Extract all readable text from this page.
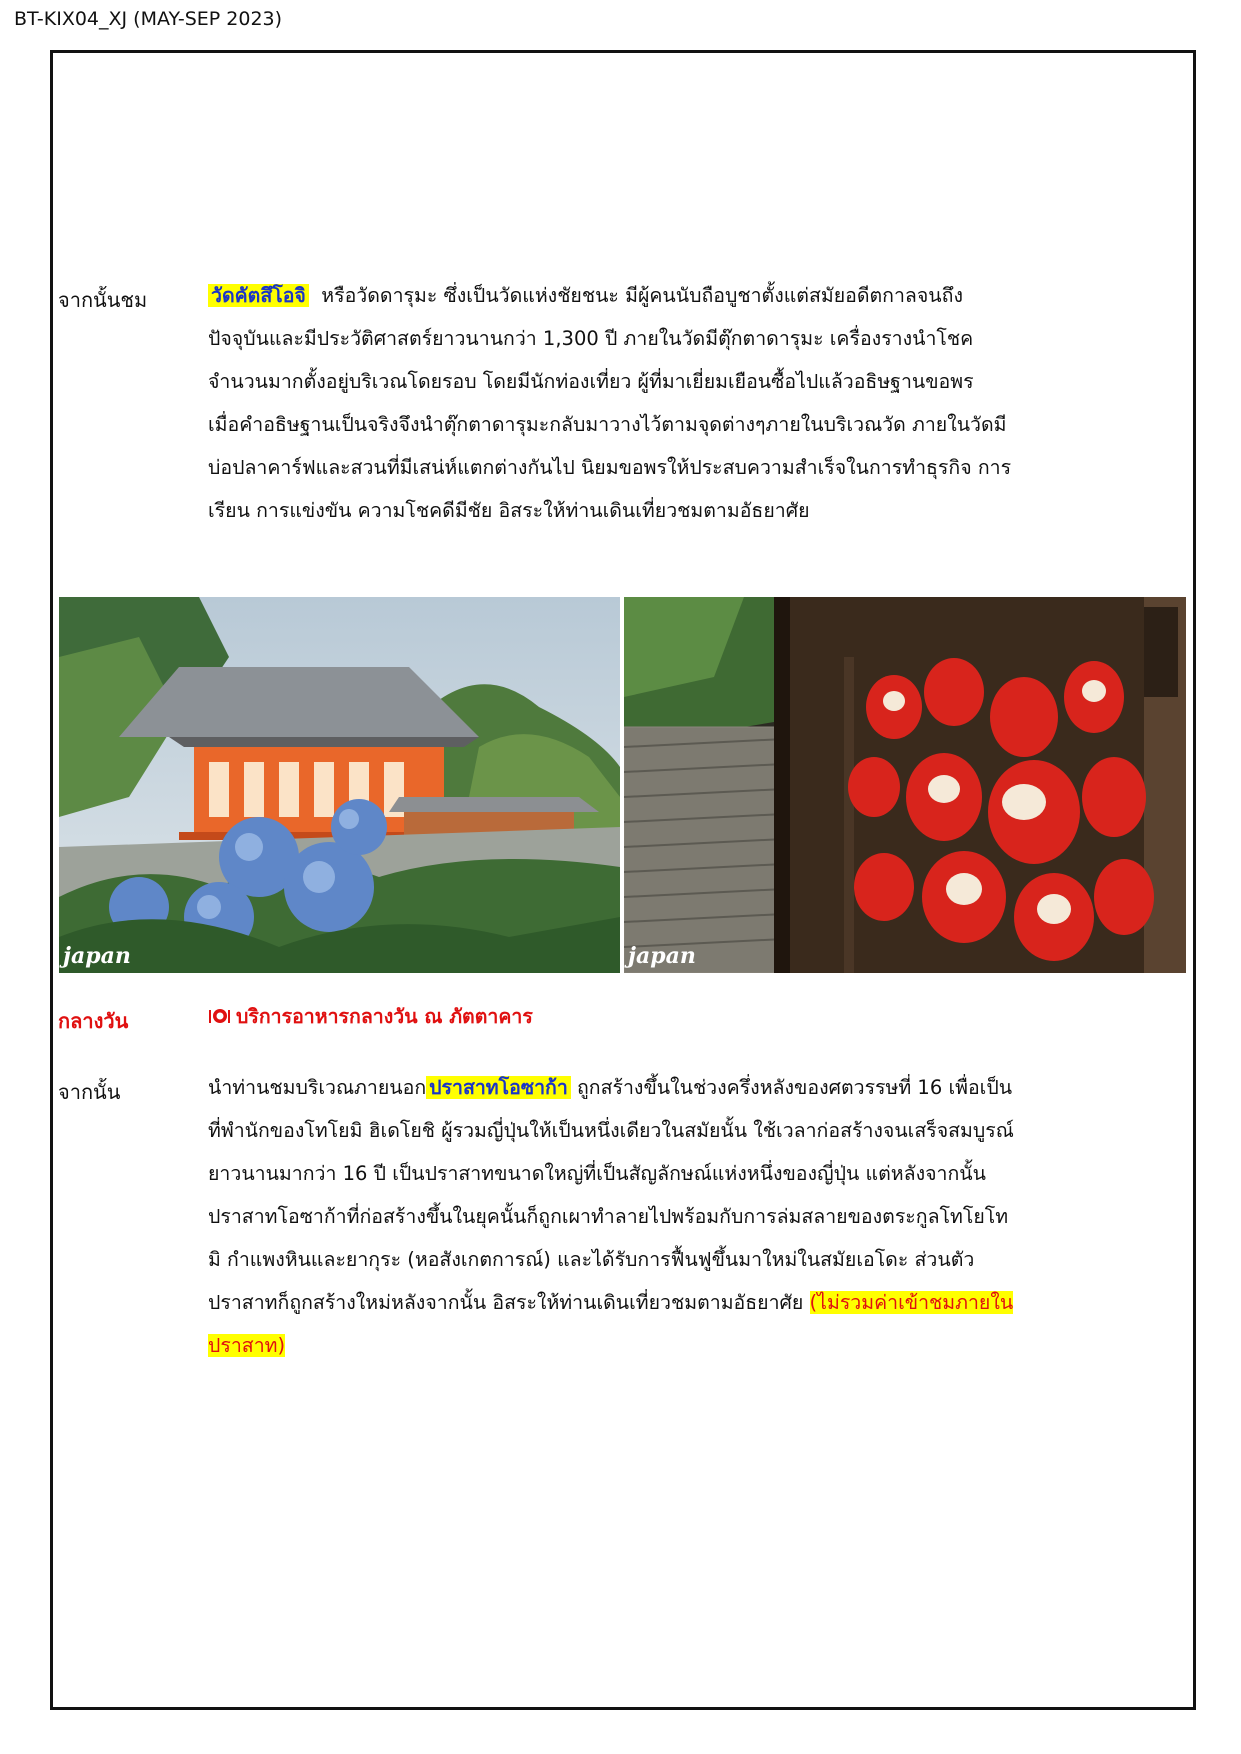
BT-KIX04_XJ (MAY-SEP 2023)
จากนั้นชม	วัดคัตสึโอจิ หรือวัดดารุมะ ซึ่งเป็นวัดแห่งชัยชนะ มีผู้คนนับถือบูชาตั้งแต่สมัยอดีตกาลจนถึง
ปัจจุบันและมีประวัติศาสตร์ยาวนานกว่า 1,300 ปี ภายในวัดมีตุ๊กตาดารุมะ เครื่องรางนำโชค
จำนวนมากตั้งอยู่บริเวณโดยรอบ โดยมีนักท่องเที่ยว ผู้ที่มาเยี่ยมเยือนซื้อไปแล้วอธิษฐานขอพร
เมื่อคำอธิษฐานเป็นจริงจึงนำตุ๊กตาดารุมะกลับมาวางไว้ตามจุดต่างๆภายในบริเวณวัด ภายในวัดมี
บ่อปลาคาร์ฟและสวนที่มีเสน่ห์แตกต่างกันไป นิยมขอพรให้ประสบความสำเร็จในการทำธุรกิจ การ
เรียน การแข่งขัน ความโชคดีมีชัย อิสระให้ท่านเดินเที่ยวชมตามอัธยาศัย
japan	japan
กลางวัน	บริการอาหารกลางวัน ณ ภัตตาคาร
จากนั้น	นำท่านชมบริเวณภายนอก ปราสาทโอซาก้า ถูกสร้างขึ้นในช่วงครึ่งหลังของศตวรรษที่ 16 เพื่อเป็น
ที่พำนักของโทโยมิ ฮิเดโยชิ ผู้รวมญี่ปุ่นให้เป็นหนึ่งเดียวในสมัยนั้น ใช้เวลาก่อสร้างจนเสร็จสมบูรณ์
ยาวนานมากว่า 16 ปี เป็นปราสาทขนาดใหญ่ที่เป็นสัญลักษณ์แห่งหนึ่งของญี่ปุ่น แต่หลังจากนั้น
ปราสาทโอซาก้าที่ก่อสร้างขึ้นในยุคนั้นก็ถูกเผาทำลายไปพร้อมกับการล่มสลายของตระกูลโทโยโท
มิ กำแพงหินและยากุระ (หอสังเกตการณ์) และได้รับการฟื้นฟูขึ้นมาใหม่ในสมัยเอโดะ ส่วนตัว
ปราสาทก็ถูกสร้างใหม่หลังจากนั้น อิสระให้ท่านเดินเที่ยวชมตามอัธยาศัย (ไม่รวมค่าเข้าชมภายใน
ปราสาท)
